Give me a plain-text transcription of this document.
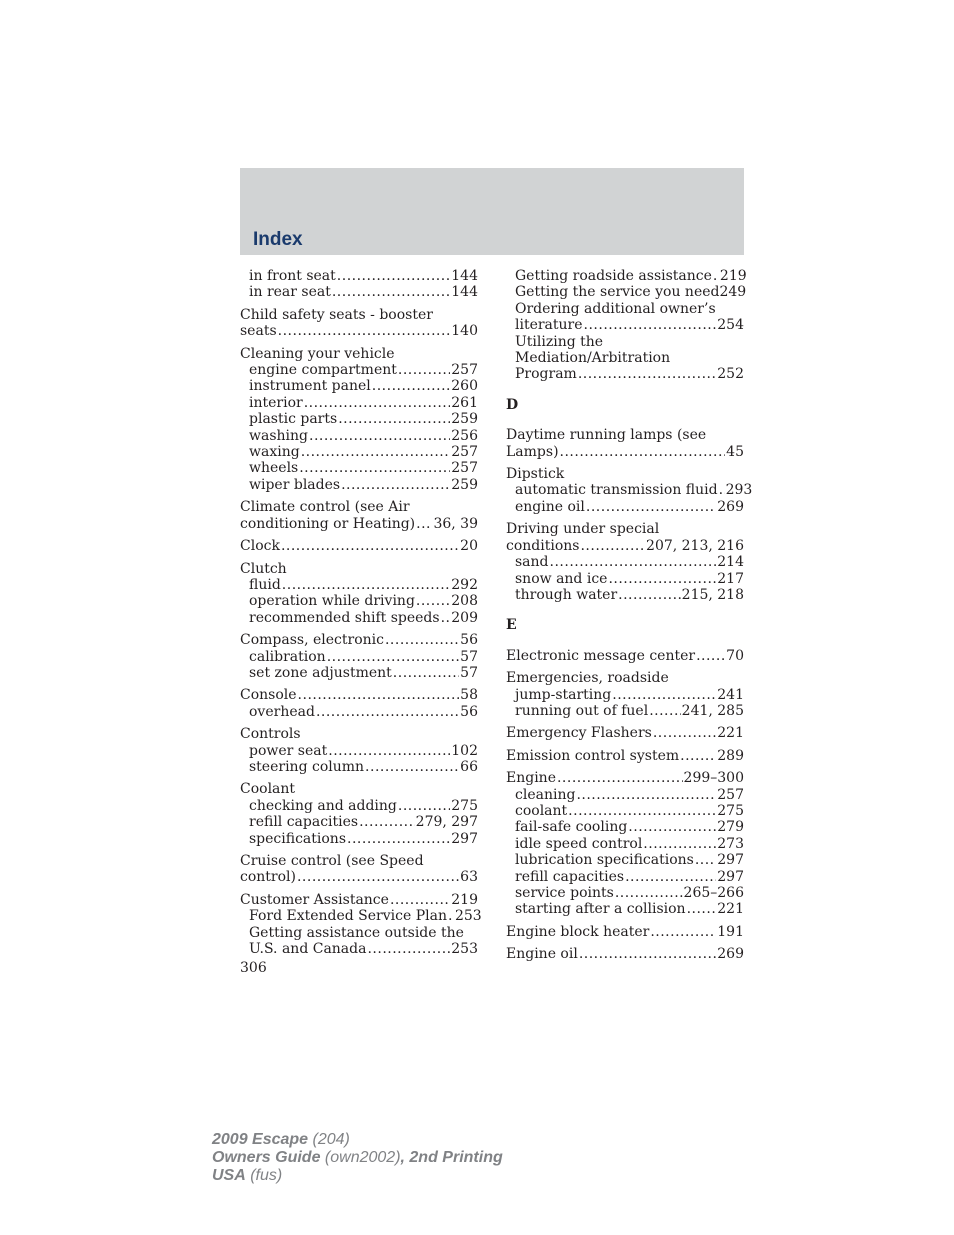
Index
in front seat .....	144
in rear seat .....	144
Child safety seats - booster
seats .....	140
Cleaning your vehicle
engine compartment .....	257
instrument panel .....	260
interior .....	261
plastic parts .....	259
washing .....	256
waxing .....	257
wheels .....	257
wiper blades .....	259
Climate control (see Air
conditioning or Heating) ..... 36, 39
Clock .....	20
Clutch
fluid .....	292
operation while driving .....	208
recommended shift speeds ..... 209
Compass, electronic .....	56
calibration .....	57
set zone adjustment .....	57
Console .....	58
overhead .....	56
Controls
power seat .....	102
steering column .....	66
Coolant
checking and adding .....	275
refill capacities .....	279, 297
specifications .....	297
Cruise control (see Speed
control) .....	63
Customer Assistance .....	219
Ford Extended Service Plan ..... 253
Getting assistance outside the
U.S. and Canada .....	253
Getting roadside assistance ..... 219
Getting the service you need 249
Ordering additional owner’s
literature .....	254
Utilizing the
Mediation/Arbitration
Program .....	252
D
Daytime running lamps (see
Lamps) .....	45
Dipstick
automatic transmission fluid ..... 293
engine oil .....	269
Driving under special
conditions .....	207, 213, 216
sand .....	214
snow and ice .....	217
through water .....	215, 218
E
Electronic message center ..... 70
Emergencies, roadside
jump-starting .....	241
running out of fuel ..... 241, 285
Emergency Flashers .....	221
Emission control system .....	289
Engine .....	299–300
cleaning .....	257
coolant .....	275
fail-safe cooling .....	279
idle speed control .....	273
lubrication specifications ..... 297
refill capacities .....	297
service points .....	265–266
starting after a collision ..... 221
Engine block heater .....	191
Engine oil .....	269
306
2009 Escape (204)
Owners Guide (own2002), 2nd Printing
USA (fus)
